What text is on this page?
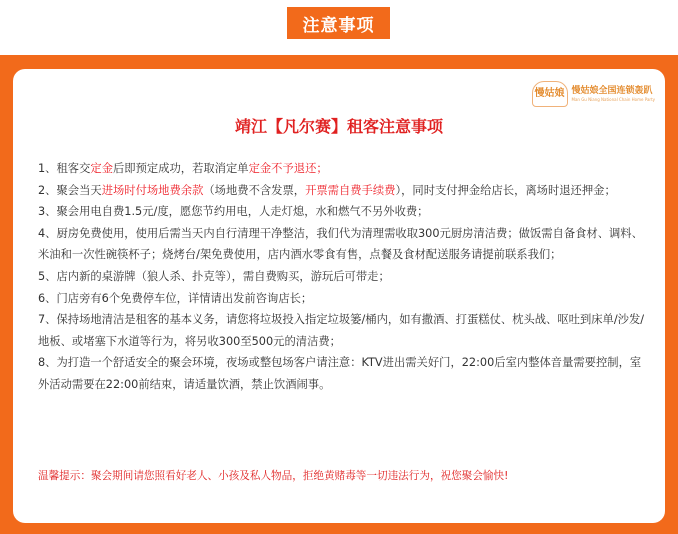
注意事项
慢姑娘 慢姑娘全国连锁轰趴
Man Gu Niang National Chain Home Party
靖江【凡尔赛】租客注意事项

1、租客交定金后即预定成功，若取消定单定金不予退还；

2、聚会当天进场时付场地费余款（场地费不含发票，开票需自费手续费），同时支付押金给店长，离场时退还押金；

3、聚会用电自费1.5元/度，愿您节约用电，人走灯熄，水和燃气不另外收费；

4、厨房免费使用，使用后需当天内自行清理干净整洁，我们代为清理需收取300元厨房清洁费；做饭需自备食材、调料、米油和一次性碗筷杯子；烧烤台/架免费使用，店内酒水零食有售，点餐及食材配送服务请提前联系我们；

5、店内新的桌游牌（狼人杀、扑克等），需自费购买，游玩后可带走；

6、门店旁有6个免费停车位，详情请出发前咨询店长；

7、保持场地清洁是租客的基本义务，请您将垃圾投入指定垃圾篓/桶内，如有撒酒、打蛋糕仗、枕头战、呕吐到床单/沙发/地板、或堵塞下水道等行为，将另收300至500元的清洁费；

8、为打造一个舒适安全的聚会环境，夜场或整包场客户请注意：KTV进出需关好门，22:00后室内整体音量需要控制，室外活动需要在22:00前结束，请适量饮酒，禁止饮酒闹事。

温馨提示：聚会期间请您照看好老人、小孩及私人物品，拒绝黄赌毒等一切违法行为，祝您聚会愉快!
